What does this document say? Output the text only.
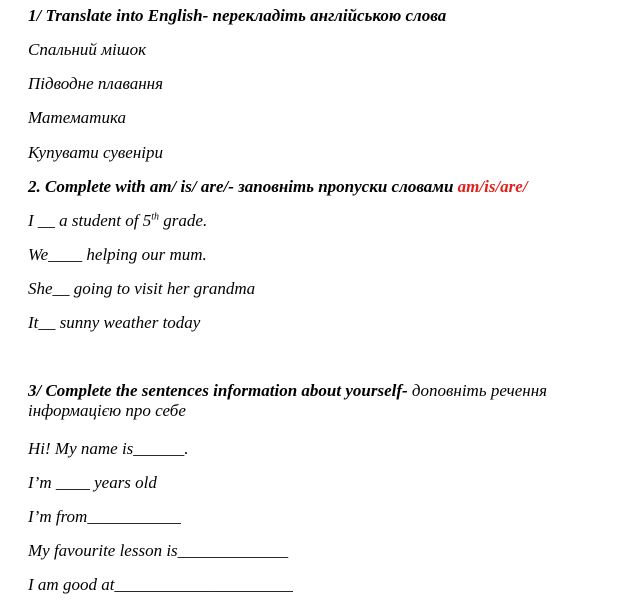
1/ Translate into English- перекладіть англійською слова
Спальний мішок
Підводне плавання
Математика
Купувати сувеніри
2. Complete with am/ is/ are/- заповніть пропуски словами am/is/are/
I __ a student of 5th grade.
We____ helping our mum.
She__ going to visit her grandma
It__ sunny weather today
3/ Complete the sentences information about yourself- доповніть речення інформацією про себе
Hi! My name is______.
I’m ____ years old
I’m from___________
My favourite lesson is_____________
I am good at_____________________
